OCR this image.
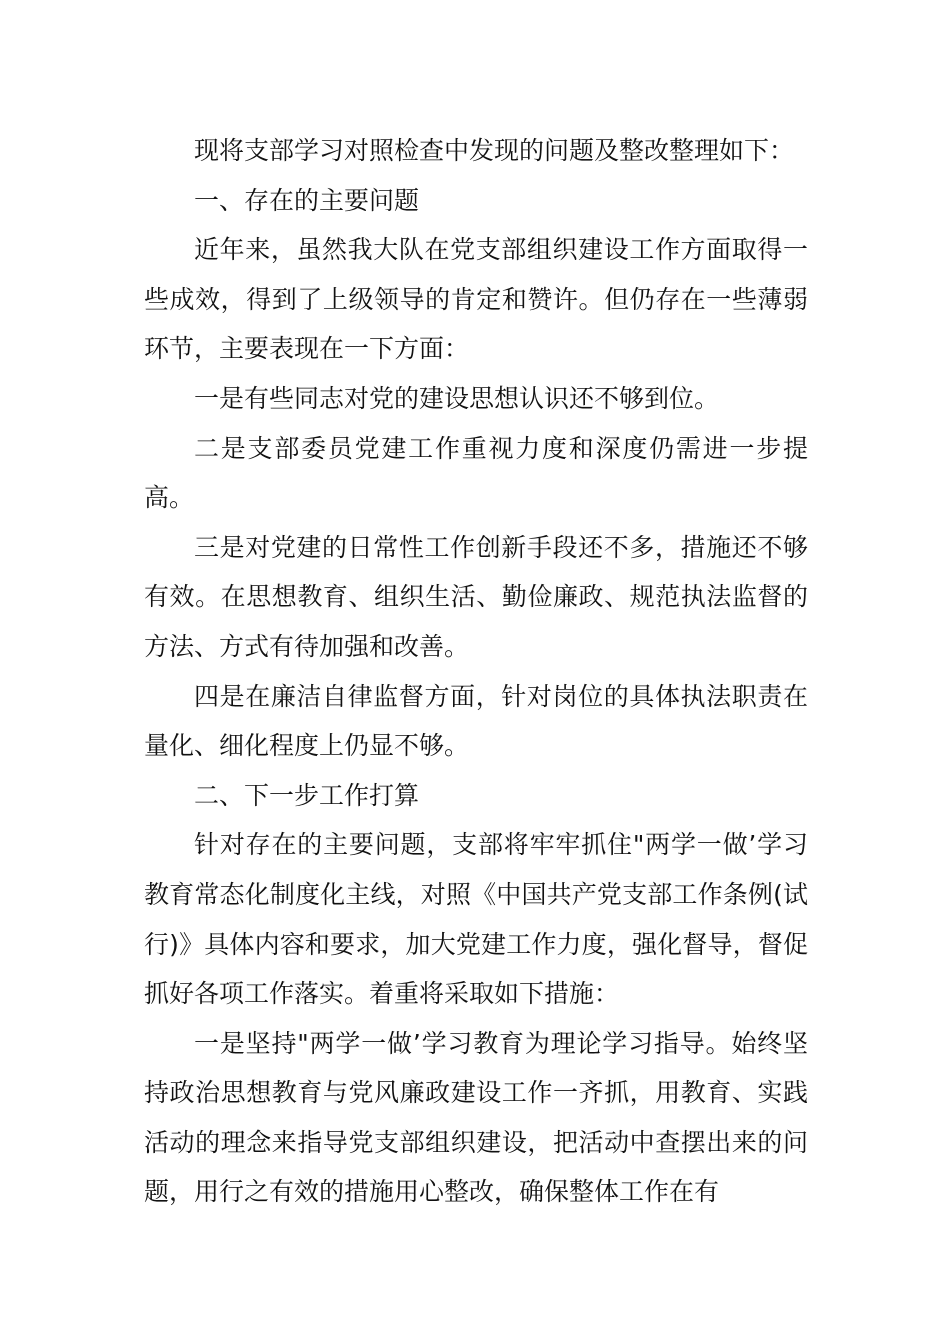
现将支部学习对照检查中发现的问题及整改整理如下：

一、存在的主要问题

近年来，虽然我大队在党支部组织建设工作方面取得一些成效，得到了上级领导的肯定和赞许。但仍存在一些薄弱环节，主要表现在一下方面：

一是有些同志对党的建设思想认识还不够到位。

二是支部委员党建工作重视力度和深度仍需进一步提高。

三是对党建的日常性工作创新手段还不多，措施还不够有效。在思想教育、组织生活、勤俭廉政、规范执法监督的方法、方式有待加强和改善。

四是在廉洁自律监督方面，针对岗位的具体执法职责在量化、细化程度上仍显不够。

二、下一步工作打算

针对存在的主要问题，支部将牢牢抓住"两学一做’学习教育常态化制度化主线，对照《中国共产党支部工作条例(试行)》具体内容和要求，加大党建工作力度，强化督导，督促抓好各项工作落实。着重将采取如下措施：

一是坚持"两学一做’学习教育为理论学习指导。始终坚持政治思想教育与党风廉政建设工作一齐抓，用教育、实践活动的理念来指导党支部组织建设，把活动中查摆出来的问题，用行之有效的措施用心整改，确保整体工作在有
